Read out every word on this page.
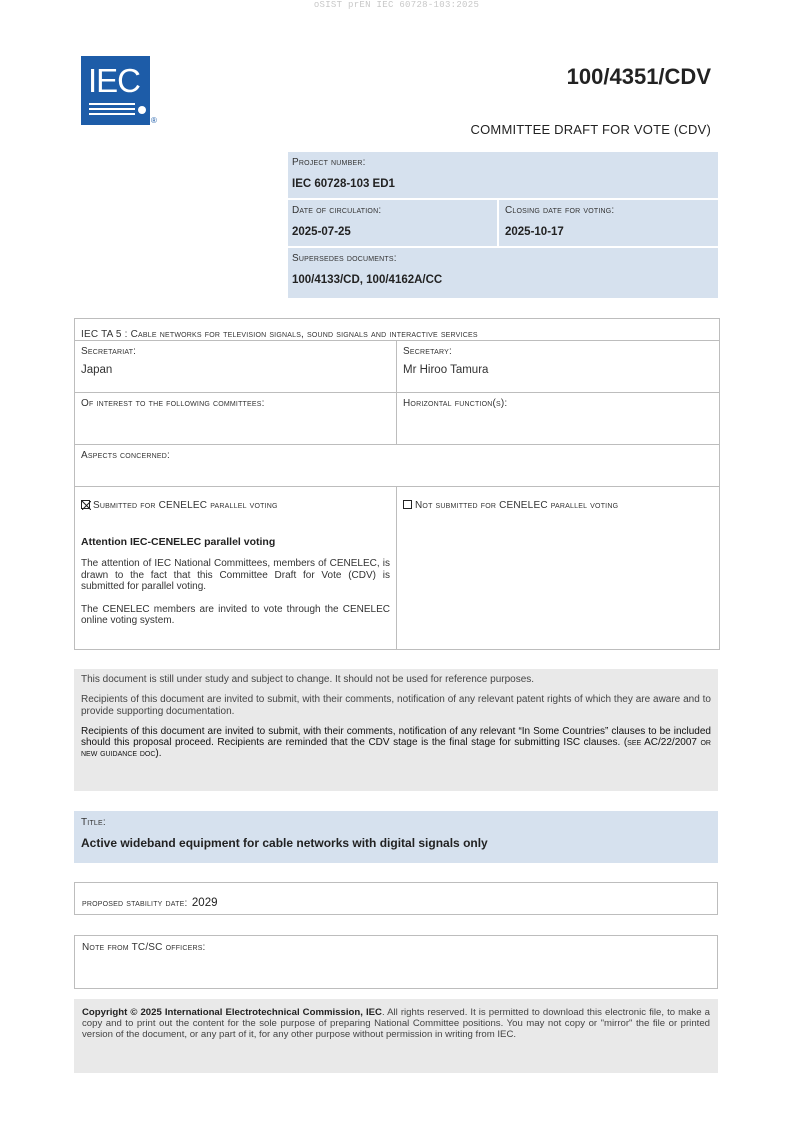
oSIST prEN IEC 60728-103:2025
IEC
®
100/4351/CDV
COMMITTEE DRAFT FOR VOTE (CDV)
Project number:
IEC 60728-103 ED1
Date of circulation:
2025-07-25
Closing date for voting:
2025-10-17
Supersedes documents:
100/4133/CD, 100/4162A/CC
IEC TA 5 : Cable networks for television signals, sound signals and interactive services
Secretariat:
Japan
Secretary:
Mr Hiroo Tamura
Of interest to the following committees:	Horizontal function(s):
Aspects concerned:
Submitted for CENELEC parallel voting
Attention IEC-CENELEC parallel voting
The attention of IEC National Committees, members of CENELEC, is drawn to the fact that this Committee Draft for Vote (CDV) is submitted for parallel voting.
The CENELEC members are invited to vote through the CENELEC online voting system.
Not submitted for CENELEC parallel voting

This document is still under study and subject to change. It should not be used for reference purposes.

Recipients of this document are invited to submit, with their comments, notification of any relevant patent rights of which they are aware and to provide supporting documentation.

Recipients of this document are invited to submit, with their comments, notification of any relevant “In Some Countries” clauses to be included should this proposal proceed. Recipients are reminded that the CDV stage is the final stage for submitting ISC clauses. (see AC/22/2007 or new guidance doc).

Title:
Active wideband equipment for cable networks with digital signals only
proposed stability date: 2029
Note from TC/SC officers:
Copyright © 2025 International Electrotechnical Commission, IEC. All rights reserved. It is permitted to download this electronic file, to make a copy and to print out the content for the sole purpose of preparing National Committee positions. You may not copy or "mirror" the file or printed version of the document, or any part of it, for any other purpose without permission in writing from IEC.
